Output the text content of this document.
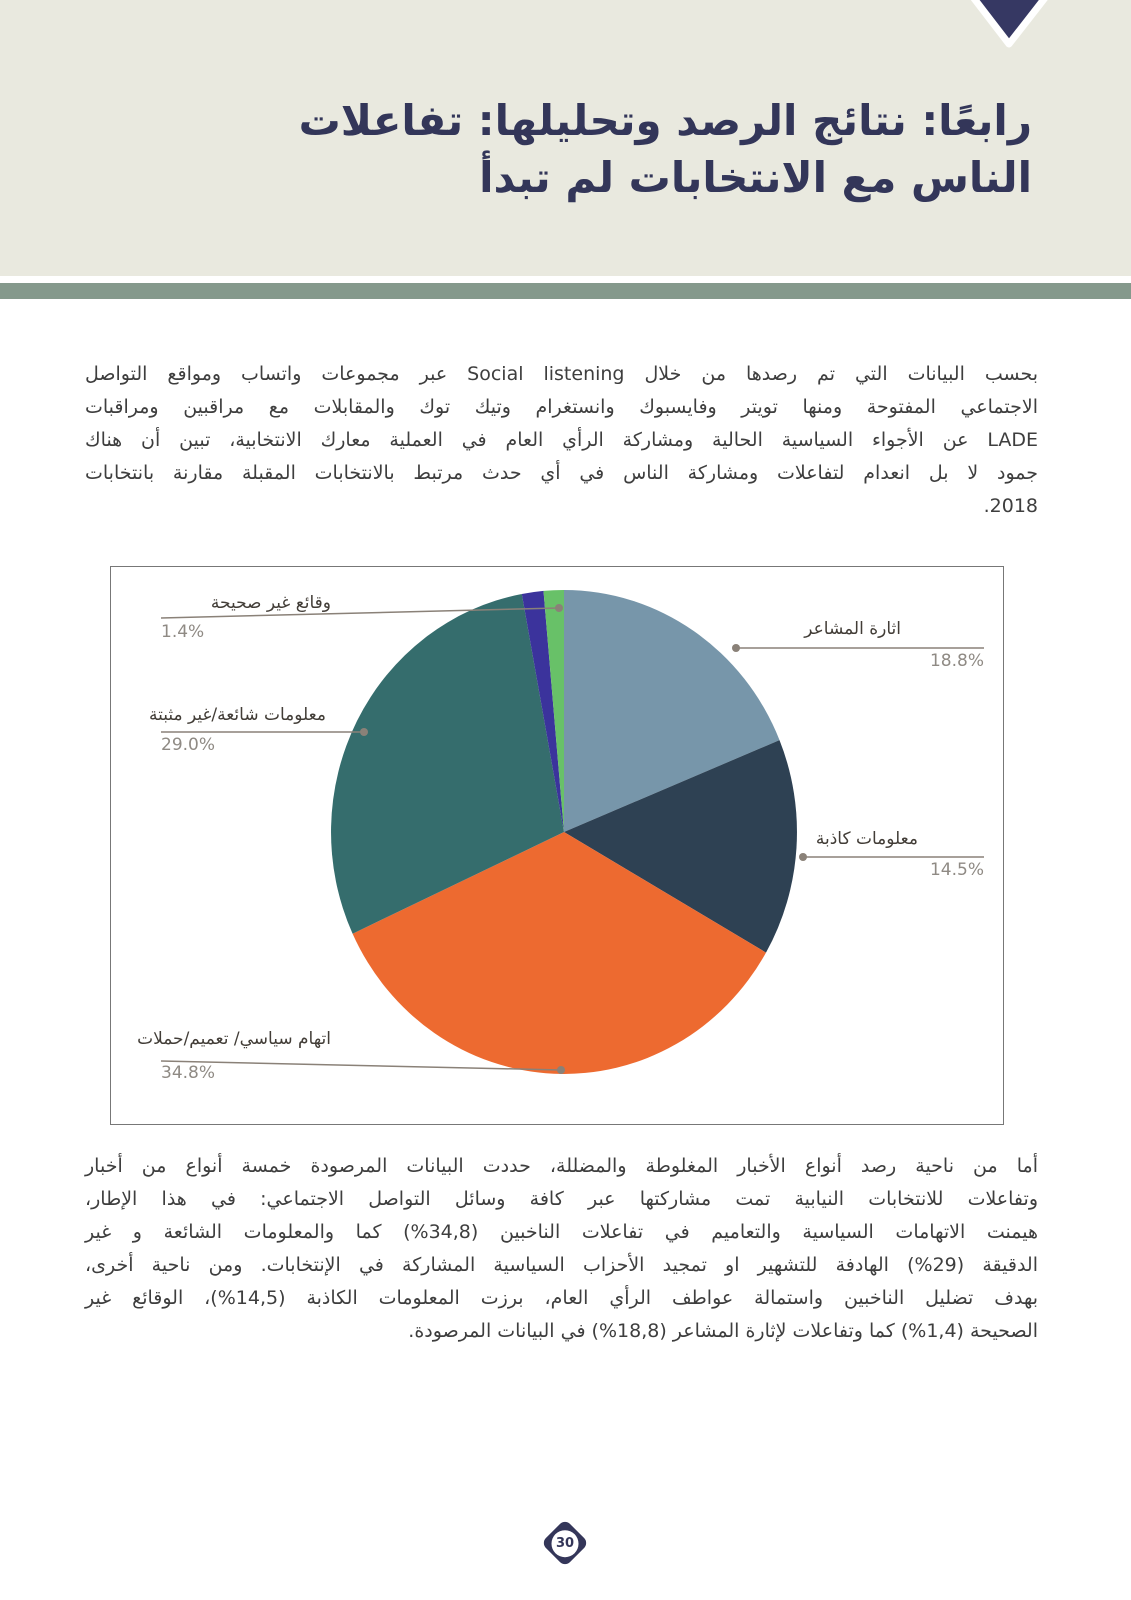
رابعًا: نتائج الرصد وتحليلها: تفاعلات
الناس مع الانتخابات لم تبدأ
بحسب البيانات التي تم رصدها من خلال Social listening عبر مجموعات واتساب ومواقع التواصل
الاجتماعي المفتوحة ومنها تويتر وفايسبوك وانستغرام وتيك توك والمقابلات مع مراقبين ومراقبات
LADE عن الأجواء السياسية الحالية ومشاركة الرأي العام في العملية معارك الانتخابية، تبين أن هناك
جمود لا بل انعدام لتفاعلات ومشاركة الناس في أي حدث مرتبط بالانتخابات المقبلة مقارنة بانتخابات
2018.
وقائع غير صحيحة
1.4%
معلومات شائعة/غير مثبتة
29.0%
اتهام سياسي/ تعميم/حملات
34.8%
اثارة المشاعر
18.8%
معلومات كاذبة
14.5%
أما من ناحية رصد أنواع الأخبار المغلوطة والمضللة، حددت البيانات المرصودة خمسة أنواع من أخبار
وتفاعلات للانتخابات النيابية تمت مشاركتها عبر كافة وسائل التواصل الاجتماعي: في هذا الإطار،
هيمنت الاتهامات السياسية والتعاميم في تفاعلات الناخبين (34,8%) كما والمعلومات الشائعة و غير
الدقيقة (29%) الهادفة للتشهير او تمجيد الأحزاب السياسية المشاركة في الإنتخابات. ومن ناحية أخرى،
بهدف تضليل الناخبين واستمالة عواطف الرأي العام، برزت المعلومات الكاذبة (14,5%)، الوقائع غير
الصحيحة (1,4%) كما وتفاعلات لإثارة المشاعر (18,8%) في البيانات المرصودة.
30
